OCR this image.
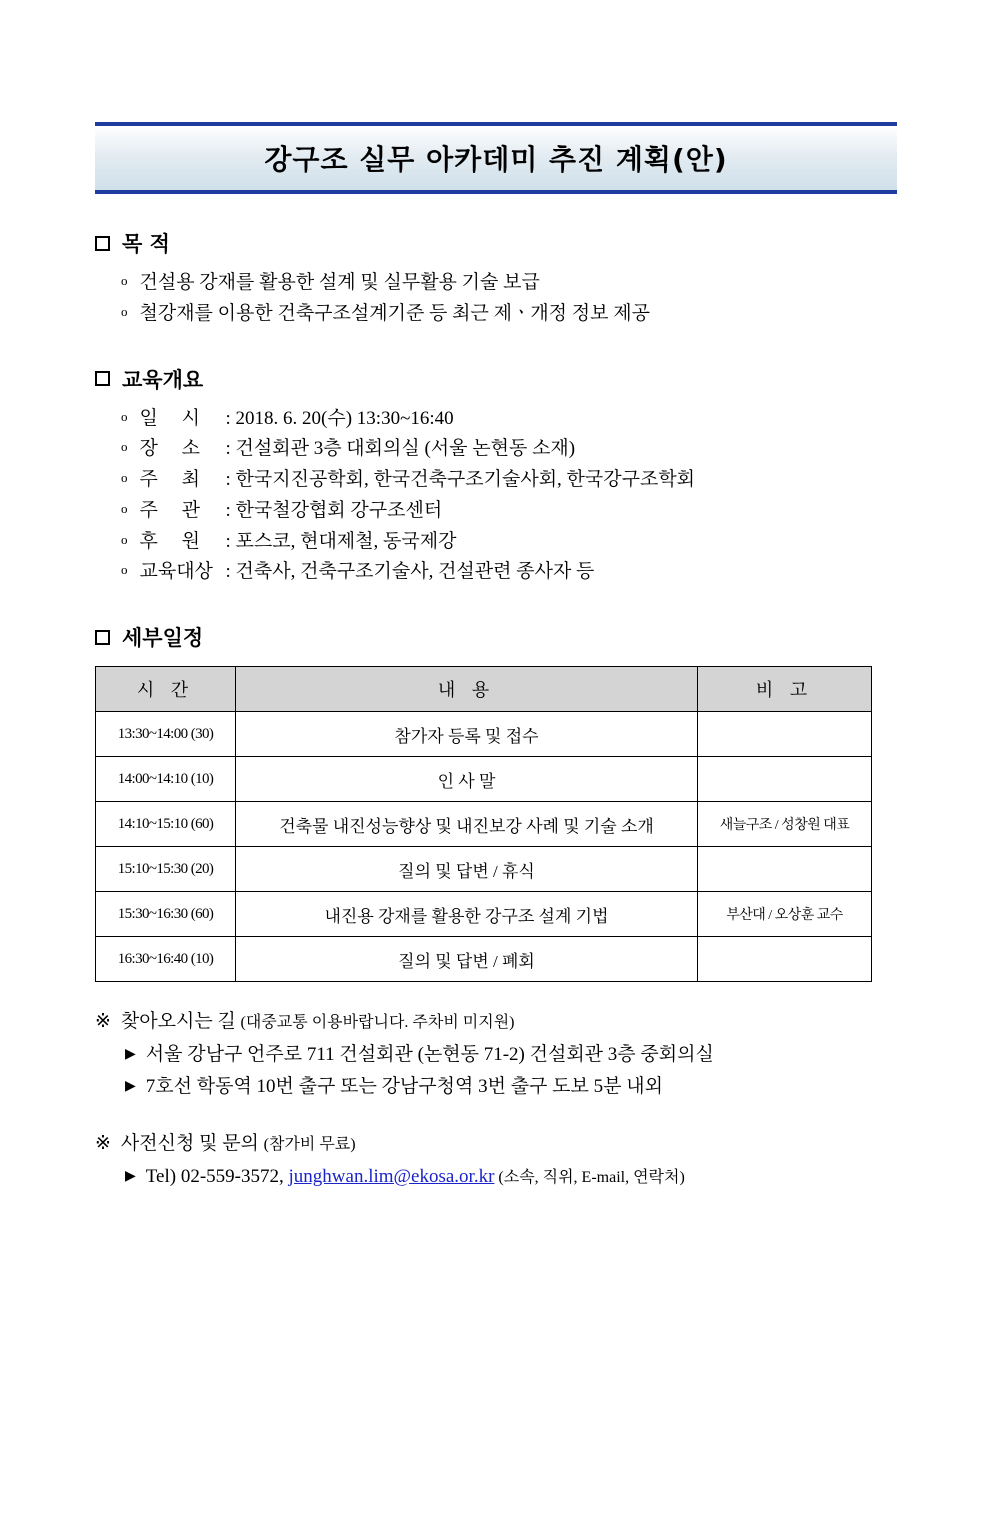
강구조 실무 아카데미 추진 계획(안)
목 적
o 건설용 강재를 활용한 설계 및 실무활용 기술 보급
o 철강재를 이용한 건축구조설계기준 등 최근 제ㆍ개정 정보 제공
교육개요
o 일     시	: 2018. 6. 20(수) 13:30~16:40
o 장     소	: 건설회관 3층 대회의실 (서울 논현동 소재)
o 주     최	: 한국지진공학회, 한국건축구조기술사회, 한국강구조학회
o 주     관	: 한국철강협회 강구조센터
o 후     원	: 포스코, 현대제철, 동국제강
o 교육대상 : 건축사, 건축구조기술사, 건설관련 종사자 등
세부일정
시 간	내 용	비 고
13:30~14:00 (30)	참가자 등록 및 접수	
14:00~14:10 (10)	인 사 말	
14:10~15:10 (60)	건축물 내진성능향상 및 내진보강 사례 및 기술 소개	새늘구조 / 성창원 대표
15:10~15:30 (20)	질의 및 답변 / 휴식	
15:30~16:30 (60)	내진용 강재를 활용한 강구조 설계 기법	부산대 / 오상훈 교수
16:30~16:40 (10)	질의 및 답변 / 폐회	
※ 찾아오시는 길
(대중교통 이용바랍니다. 주차비 미지원)
▶ 서울 강남구 언주로 711 건설회관 (논현동 71-2) 건설회관 3층 중회의실
▶ 7호선 학동역 10번 출구 또는 강남구청역 3번 출구 도보 5분 내외
※ 사전신청 및 문의
(참가비 무료)
▶ Tel) 02-559-3572, junghwan.lim@ekosa.or.kr (소속, 직위, E-mail, 연락처)
